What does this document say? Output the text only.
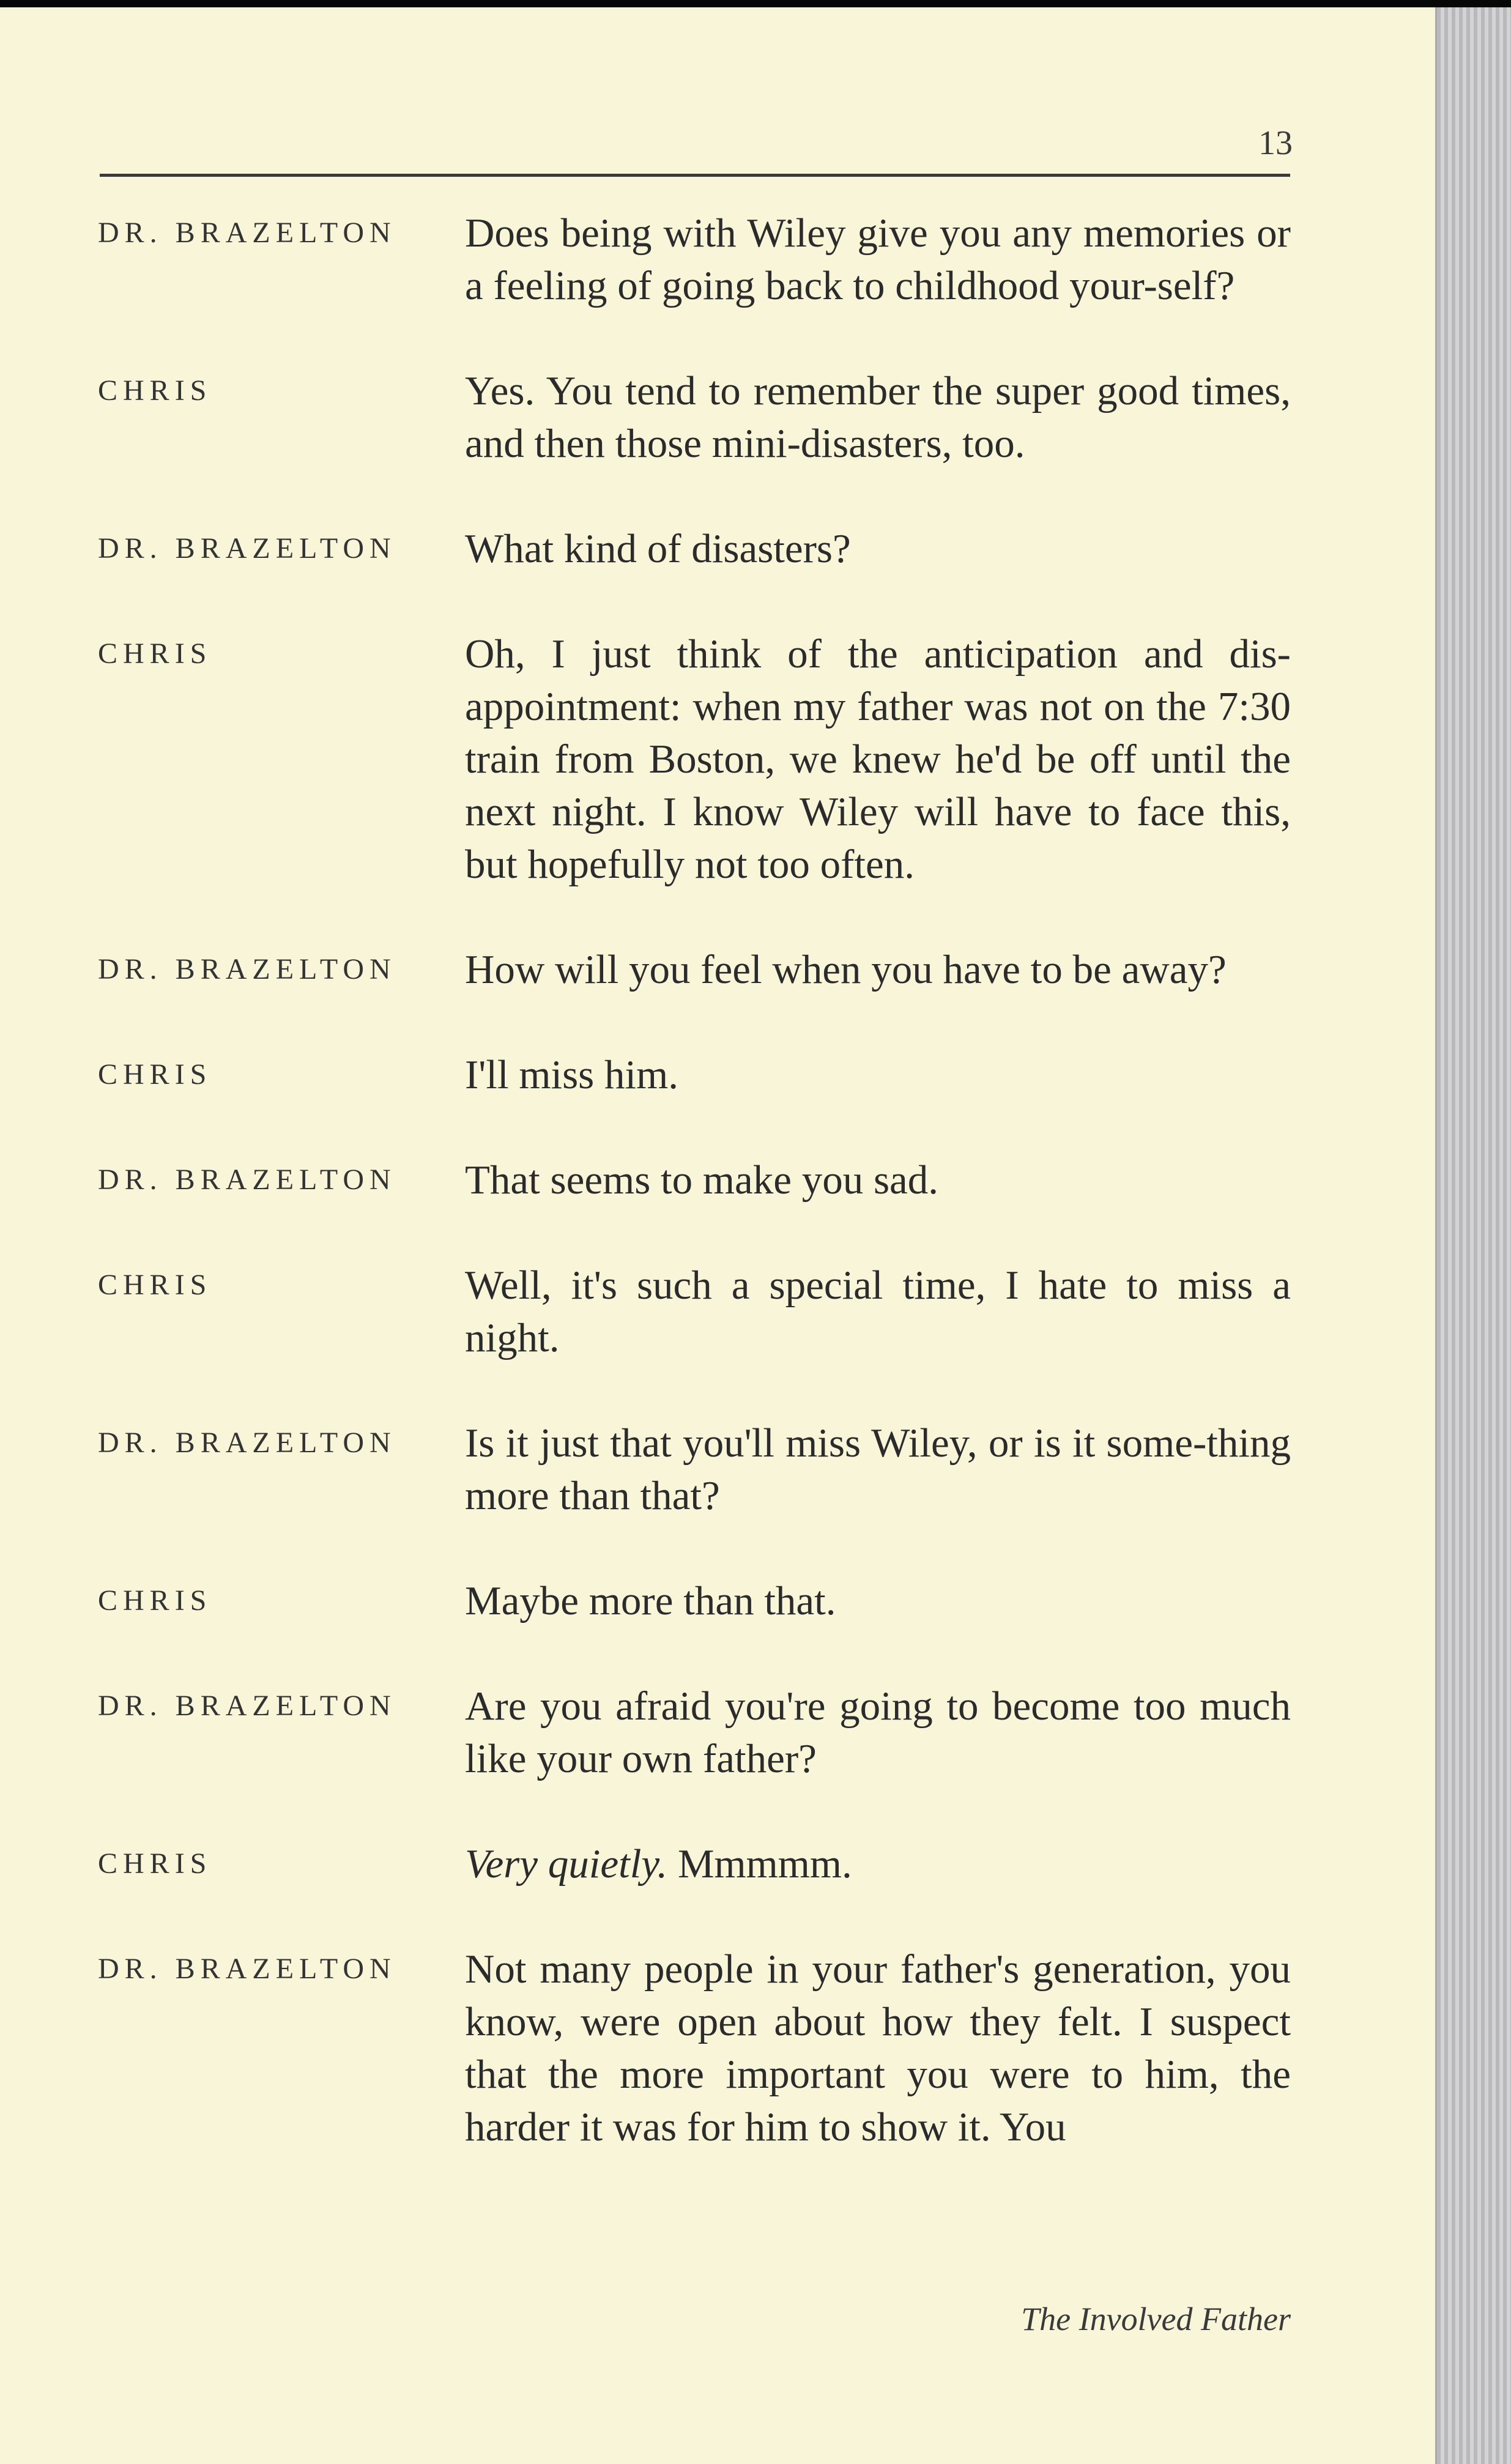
13
DR. BRAZELTON	Does being with Wiley give you any memories or a feeling of going back to childhood your-self?
CHRIS	Yes. You tend to remember the super good times, and then those mini-disasters, too.
DR. BRAZELTON	What kind of disasters?
CHRIS	Oh, I just think of the anticipation and dis-appointment: when my father was not on the 7:30 train from Boston, we knew he'd be off until the next night. I know Wiley will have to face this, but hopefully not too often.
DR. BRAZELTON	How will you feel when you have to be away?
CHRIS	I'll miss him.
DR. BRAZELTON	That seems to make you sad.
CHRIS	Well, it's such a special time, I hate to miss a night.
DR. BRAZELTON	Is it just that you'll miss Wiley, or is it some-thing more than that?
CHRIS	Maybe more than that.
DR. BRAZELTON	Are you afraid you're going to become too much like your own father?
CHRIS	Very quietly. Mmmmm.
DR. BRAZELTON	Not many people in your father's generation, you know, were open about how they felt. I suspect that the more important you were to him, the harder it was for him to show it. You
The Involved Father
